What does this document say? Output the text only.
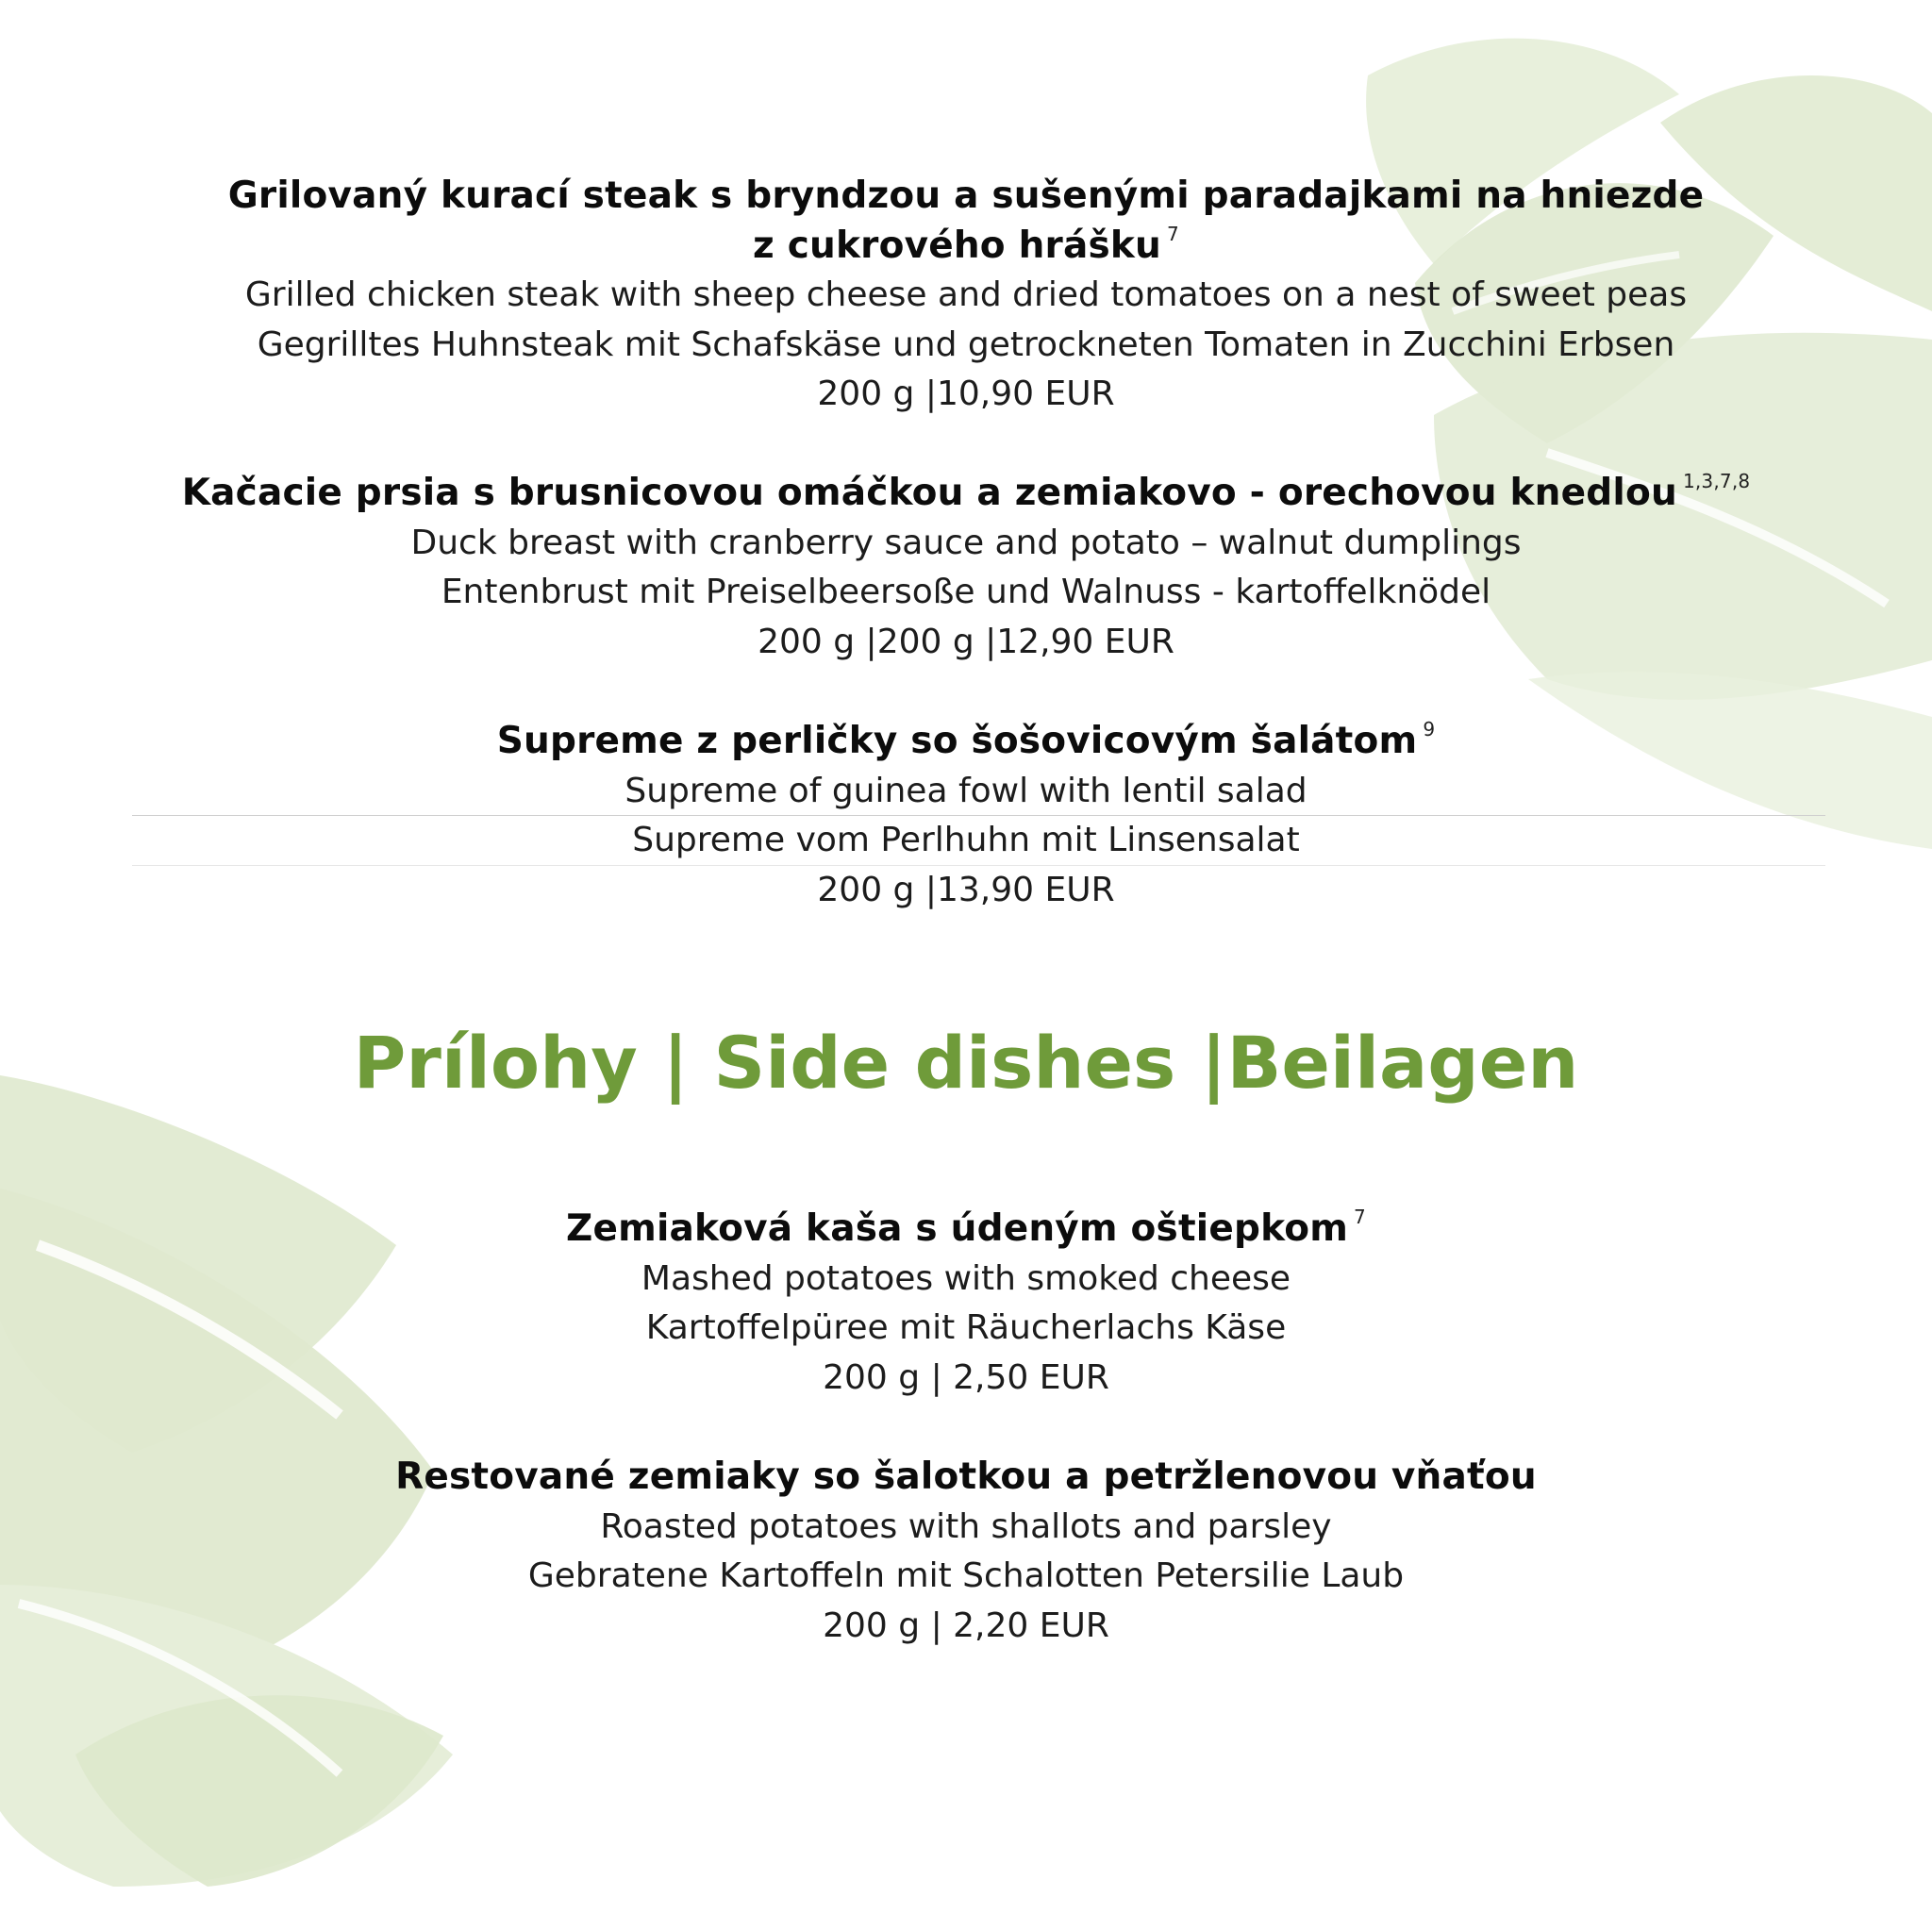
Grilovaný kurací steak s bryndzou a sušenými paradajkami na hniezde
z cukrového hrášku $^7$
Grilled chicken steak with sheep cheese and dried tomatoes on a nest of sweet peas
Gegrilltes Huhnsteak mit Schafskäse und getrockneten Tomaten in Zucchini Erbsen
200 g |10,90 EUR
Kačacie prsia s brusnicovou omáčkou a zemiakovo - orechovou knedlou $^{1,3,7,8}$
Duck breast with cranberry sauce and potato – walnut dumplings
Entenbrust mit Preiselbeersoße und Walnuss - kartoffelknödel
200 g |200 g |12,90 EUR
Supreme z perličky so šošovicovým šalátom $^9$
Supreme of guinea fowl with lentil salad
Supreme vom Perlhuhn mit Linsensalat
200 g |13,90 EUR
Prílohy | Side dishes |Beilagen
Zemiaková kaša s údeným oštiepkom $^7$
Mashed potatoes with smoked cheese
Kartoffelpüree mit Räucherlachs Käse
200 g | 2,50 EUR
Restované zemiaky so šalotkou a petržlenovou vňaťou
Roasted potatoes with shallots and parsley
Gebratene Kartoffeln mit Schalotten Petersilie Laub
200 g | 2,20 EUR
